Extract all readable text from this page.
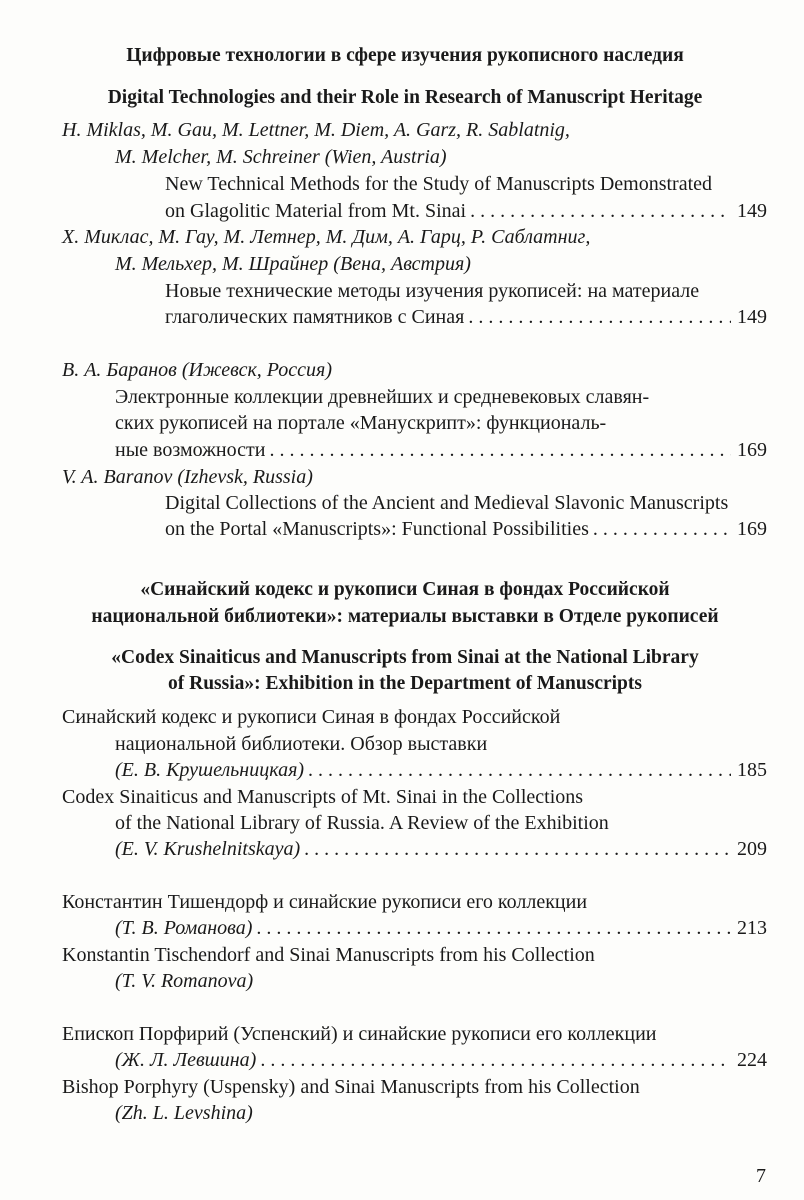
Цифровые технологии в сфере изучения рукописного наследия
Digital Technologies and their Role in Research of Manuscript Heritage
H. Miklas, M. Gau, M. Lettner, M. Diem, A. Garz, R. Sablatnig,
M. Melcher, M. Schreiner (Wien, Austria)
New Technical Methods for the Study of Manuscripts Demonstrated
on Glagolitic Material from Mt. Sinai . . .	149
Х. Миклас, М. Гау, М. Летнер, М. Дим, А. Гарц, Р. Саблатниг,
М. Мельхер, М. Шрайнер (Вена, Австрия)
Новые технические методы изучения рукописей: на материале
глаголических памятников с Синая . . .	149
В. А. Баранов (Ижевск, Россия)
Электронные коллекции древнейших и средневековых славян-
ских рукописей на портале «Манускрипт»: функциональ-
ные возможности . . .	169
V. A. Baranov (Izhevsk, Russia)
Digital Collections of the Ancient and Medieval Slavonic Manuscripts
on the Portal «Manuscripts»: Functional Possibilities . . .	169
«Синайский кодекс и рукописи Синая в фондах Российской
национальной библиотеки»: материалы выставки в Отделе рукописей
«Codex Sinaiticus and Manuscripts from Sinai at the National Library
of Russia»: Exhibition in the Department of Manuscripts
Синайский кодекс и рукописи Синая в фондах Российской
национальной библиотеки. Обзор выставки
(Е. В. Крушельницкая) . . .	185
Codex Sinaiticus and Manuscripts of Mt. Sinai in the Collections
of the National Library of Russia. A Review of the Exhibition
(E. V. Krushelnitskaya) . . .	209
Константин Тишендорф и синайские рукописи его коллекции
(Т. В. Романова) . . .	213
Konstantin Tischendorf and Sinai Manuscripts from his Collection
(T. V. Romanova)
Епископ Порфирий (Успенский) и синайские рукописи его коллекции
(Ж. Л. Левшина) . . .	224
Bishop Porphyry (Uspensky) and Sinai Manuscripts from his Collection
(Zh. L. Levshina)
7
